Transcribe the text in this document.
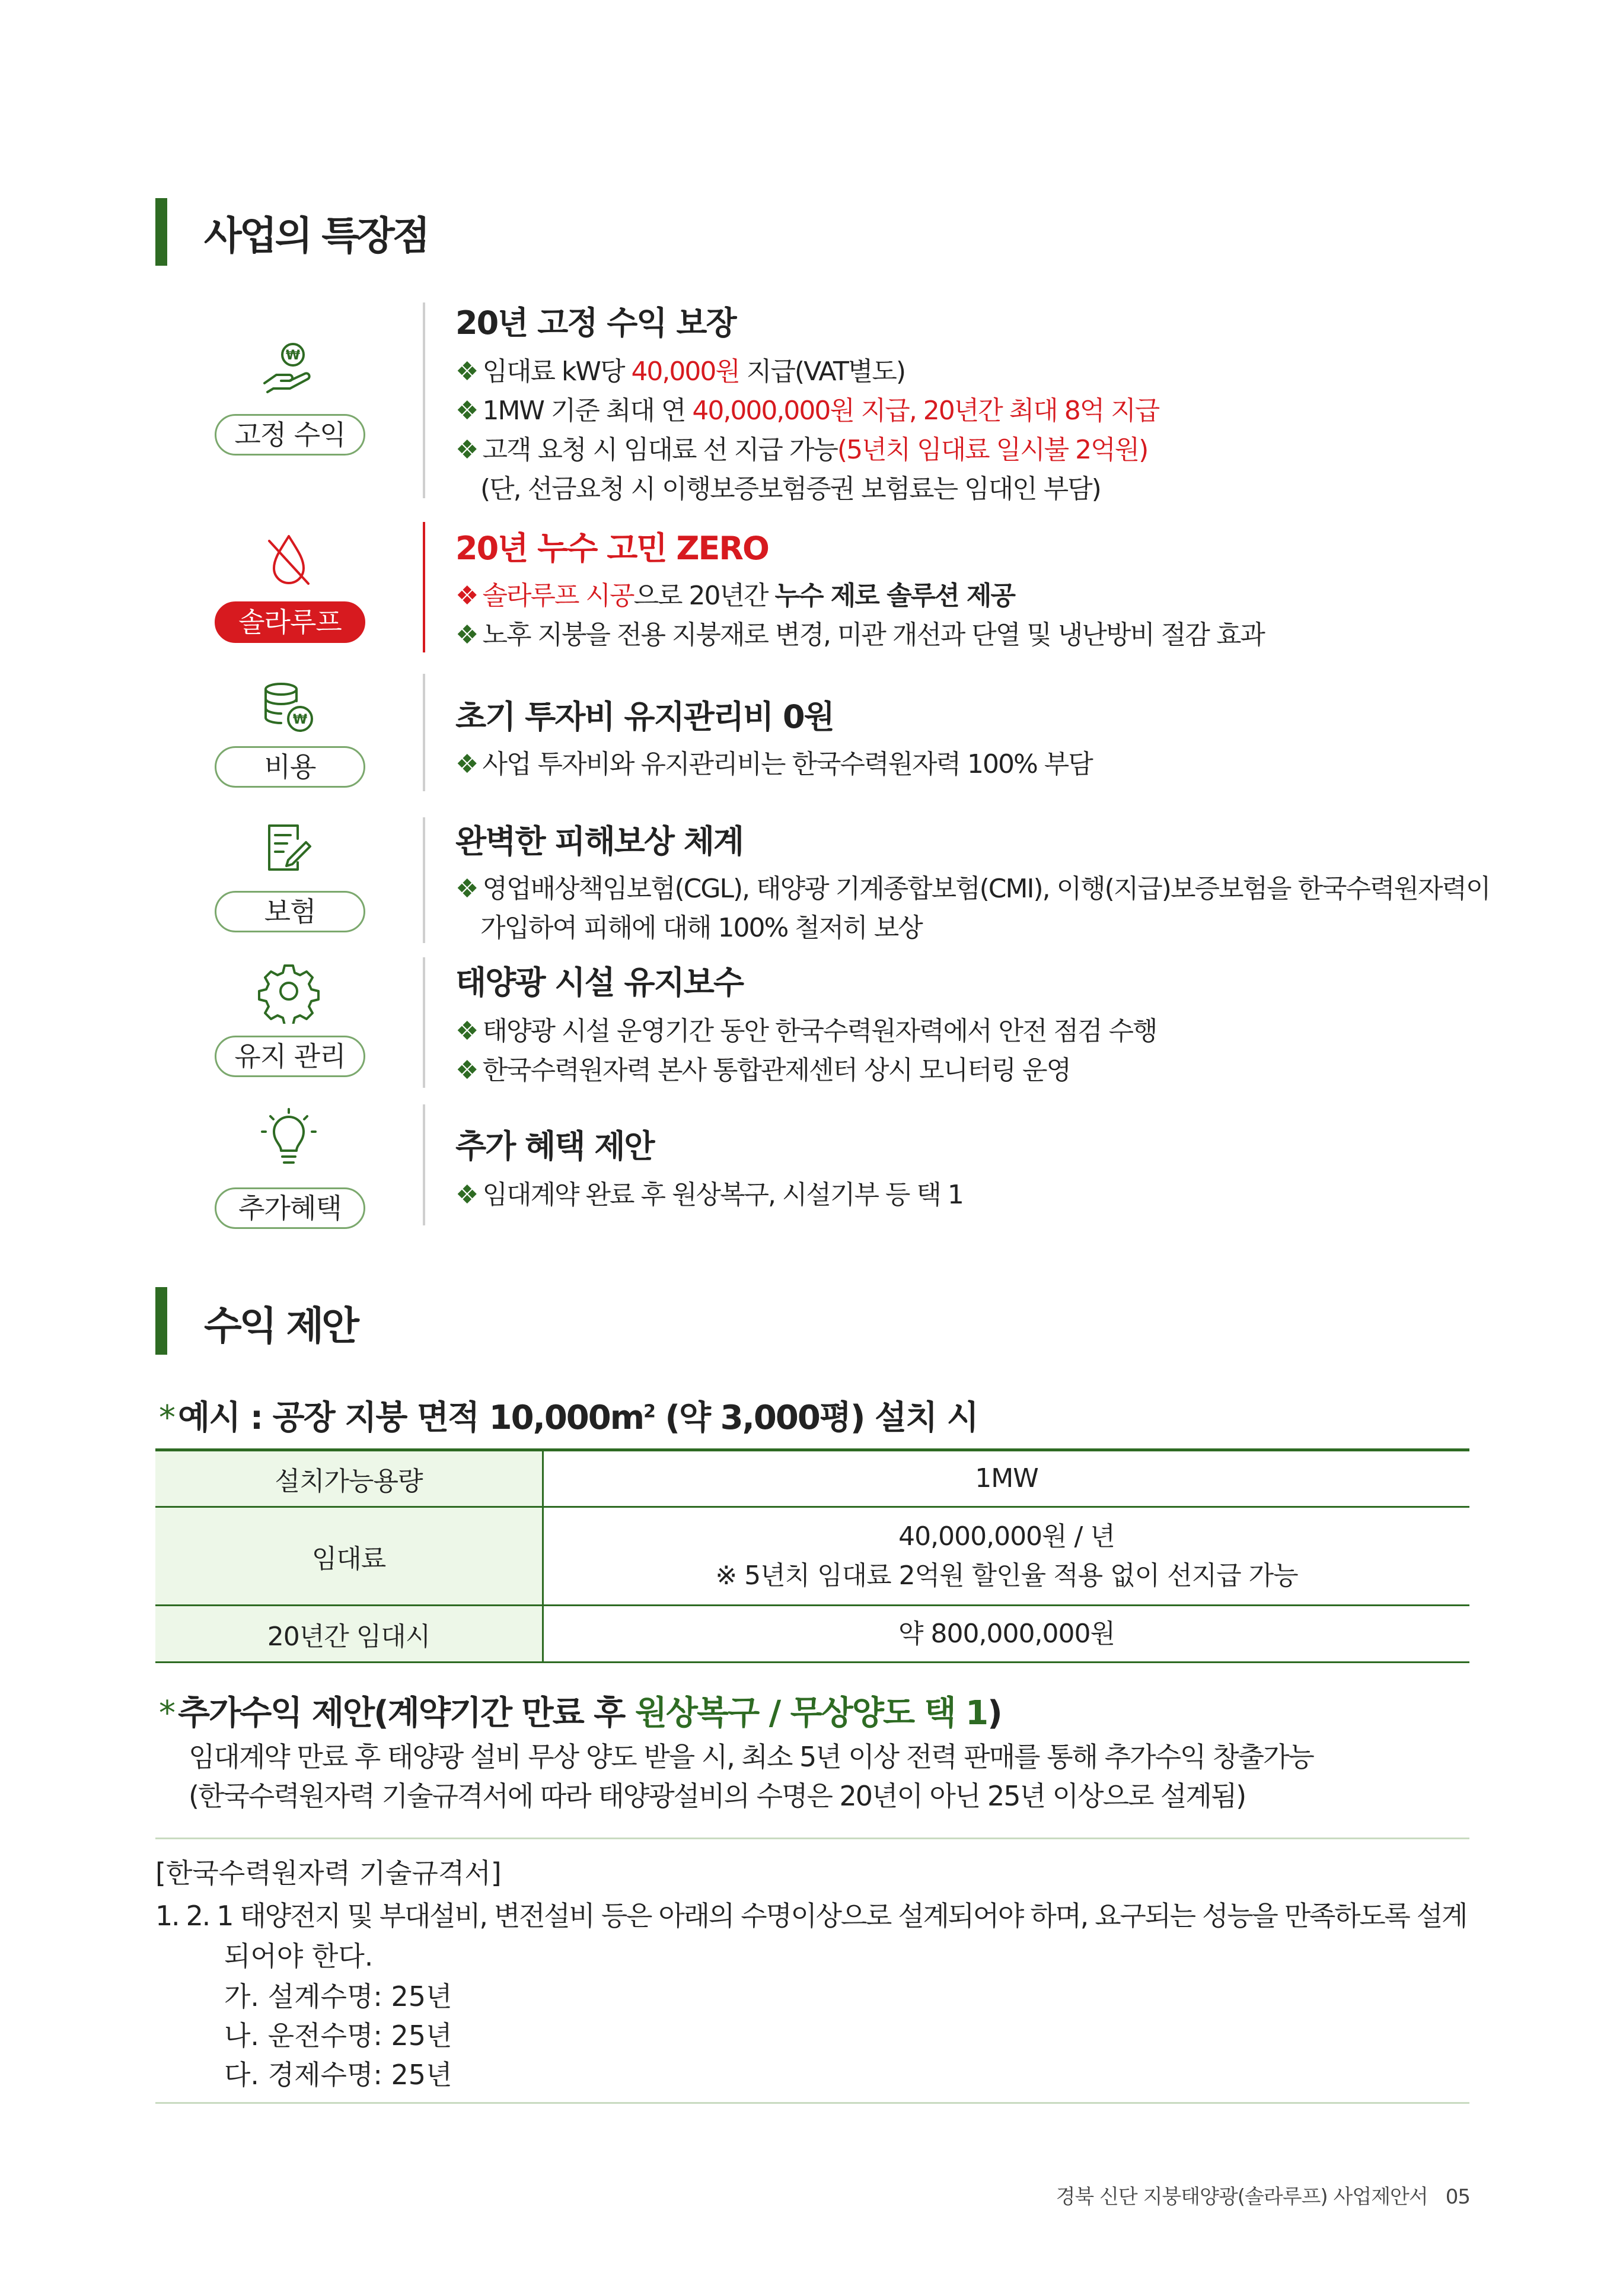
사업의 특장점
₩
고정 수익
20년 고정 수익 보장
❖ 임대료 kW당 40,000원 지급(VAT별도)
❖ 1MW 기준 최대 연 40,000,000원 지급, 20년간 최대 8억 지급
❖ 고객 요청 시 임대료 선 지급 가능(5년치 임대료 일시불 2억원)
(단, 선금요청 시 이행보증보험증권 보험료는 임대인 부담)
솔라루프
20년 누수 고민 ZERO
❖ 솔라루프 시공으로 20년간 누수 제로 솔루션 제공
❖ 노후 지붕을 전용 지붕재로 변경, 미관 개선과 단열 및 냉난방비 절감 효과
₩
비용
초기 투자비 유지관리비 0원
❖ 사업 투자비와 유지관리비는 한국수력원자력 100% 부담
보험
완벽한 피해보상 체계
❖ 영업배상책임보험(CGL), 태양광 기계종합보험(CMI), 이행(지급)보증보험을 한국수력원자력이
가입하여 피해에 대해 100% 철저히 보상
유지 관리
태양광 시설 유지보수
❖ 태양광 시설 운영기간 동안 한국수력원자력에서 안전 점검 수행
❖ 한국수력원자력 본사 통합관제센터 상시 모니터링 운영
추가혜택
추가 혜택 제안
❖ 임대계약 완료 후 원상복구, 시설기부 등 택 1
수익 제안
* 예시 : 공장 지붕 면적 $10,000m^2$ (약 3,000평) 설치 시
설치가능용량	1MW
임대료	40,000,000원 / 년
※ 5년치 임대료 2억원 할인율 적용 없이 선지급 가능

20년간 임대시	약 800,000,000원
* 추가수익 제안(계약기간 만료 후 원상복구 / 무상양도 택 1)
임대계약 만료 후 태양광 설비 무상 양도 받을 시, 최소 5년 이상 전력 판매를 통해 추가수익 창출가능
(한국수력원자력 기술규격서에 따라 태양광설비의 수명은 20년이 아닌 25년 이상으로 설계됨)
[한국수력원자력 기술규격서]
1. 2. 1 태양전지 및 부대설비, 변전설비 등은 아래의 수명이상으로 설계되어야 하며, 요구되는 성능을 만족하도록 설계
되어야 한다.
가. 설계수명: 25년
나. 운전수명: 25년
다. 경제수명: 25년
경북 신단 지붕태양광(솔라루프) 사업제안서 05
